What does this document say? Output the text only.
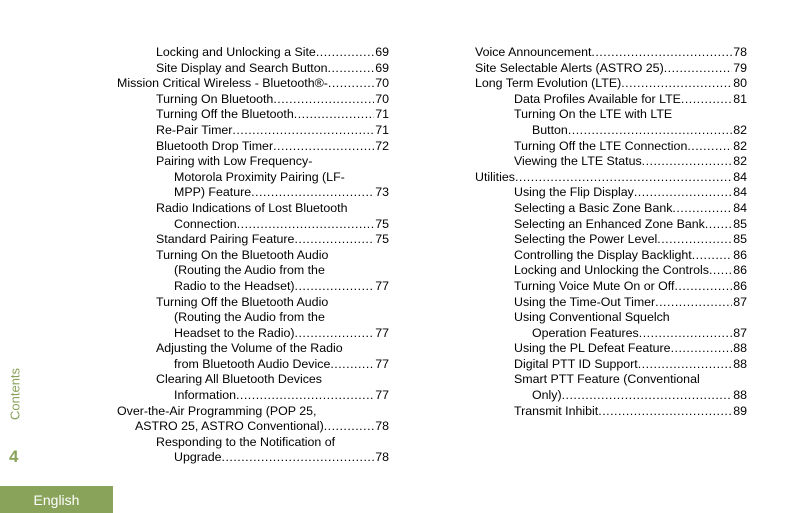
Locking and Unlocking a Site .....	69
Site Display and Search Button .....	69
Mission Critical Wireless - Bluetooth®- .....	70
Turning On Bluetooth .....	70
Turning Off the Bluetooth .....	71
Re-Pair Timer .....	71
Bluetooth Drop Timer .....	72
Pairing with Low Frequency-
Motorola Proximity Pairing (LF-
MPP) Feature .....	73
Radio Indications of Lost Bluetooth
Connection .....	75
Standard Pairing Feature .....	75
Turning On the Bluetooth Audio
(Routing the Audio from the
Radio to the Headset) .....	77
Turning Off the Bluetooth Audio
(Routing the Audio from the
Headset to the Radio) .....	77
Adjusting the Volume of the Radio
from Bluetooth Audio Device .....	77
Clearing All Bluetooth Devices
Information .....	77
Over-the-Air Programming (POP 25,
ASTRO 25, ASTRO Conventional) .....	78
Responding to the Notification of
Upgrade .....	78
Voice Announcement .....	78
Site Selectable Alerts (ASTRO 25) .....	79
Long Term Evolution (LTE) .....	80
Data Profiles Available for LTE .....	81
Turning On the LTE with LTE
Button .....	82
Turning Off the LTE Connection .....	82
Viewing the LTE Status .....	82
Utilities .....	84
Using the Flip Display .....	84
Selecting a Basic Zone Bank .....	84
Selecting an Enhanced Zone Bank ..... 85
Selecting the Power Level .....	85
Controlling the Display Backlight .....	86
Locking and Unlocking the Controls ..... 86
Turning Voice Mute On or Off .....	86
Using the Time-Out Timer .....	87
Using Conventional Squelch
Operation Features .....	87
Using the PL Defeat Feature .....	88
Digital PTT ID Support .....	88
Smart PTT Feature (Conventional
Only) .....	88
Transmit Inhibit .....	89
Contents
4
English
